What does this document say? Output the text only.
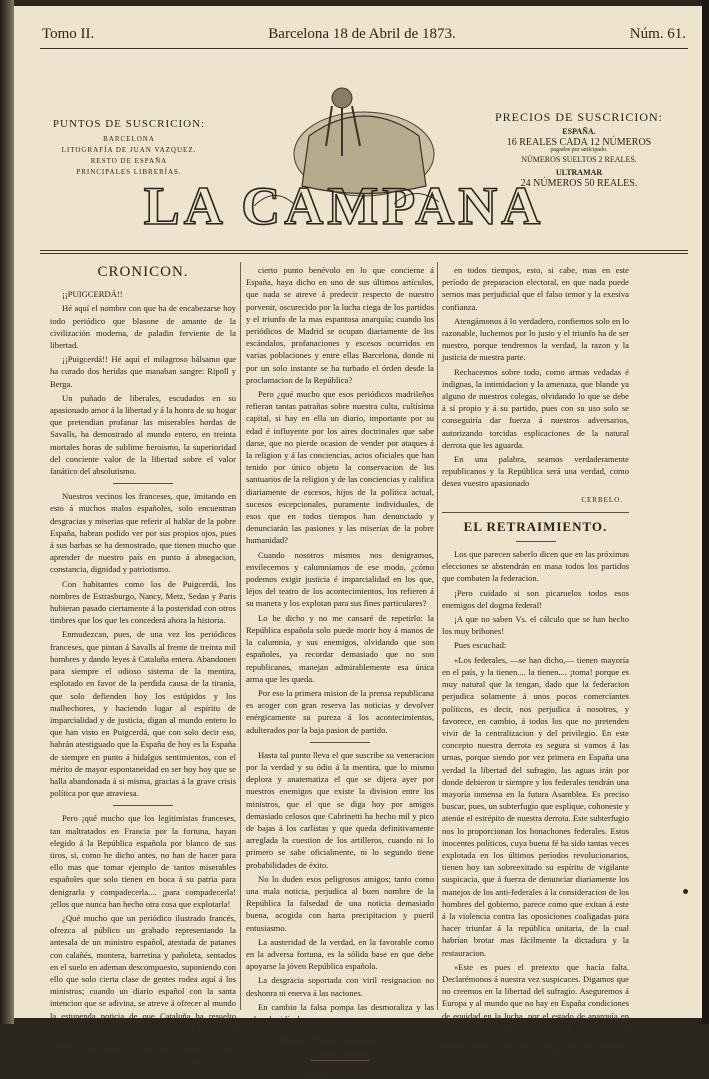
Tomo II.	Barcelona 18 de Abril de 1873.	Núm. 61.
PUNTOS DE SUSCRICION:
BARCELONA
LITOGRAFÍA DE JUAN VAZQUEZ.
RESTO DE ESPAÑA
PRINCIPALES LIBRERÍAS.
LA CAMPANA
PRECIOS DE SUSCRICION:
ESPAÑA.
16 REALES CADA 12 NÚMEROS
pagados por anticipado.
NÚMEROS SUELTOS 2 REALES.
ULTRAMAR
24 NÚMEROS 50 REALES.
CRONICON.

¡¡PUIGCERDÁ!!

Hé aquí el nombre con que ha de encabezarse hoy todo periódico que blasone de amante de la civilización moderna, de paladin ferviente de la libertad.

¡¡Puigcerdá!! Hé aquí el milagroso bálsamo que ha curado dos heridas que manaban sangre: Ripoll y Berga.

Un puñado de liberales, escudados en su apasionado amor á la libertad y á la honra de su hogar que pretendian profanar las miserables hordas de Savalls, ha demostrado al mundo entero, en treinta mortales horas de sublime heroismo, la superioridad del conciente valor de la libertad sobre el valor fanático del absolutismo.

Nuestros vecinos los franceses, que, imitando en esto á muchos malos españoles, solo encuentran desgracias y miserias que referir al hablar de la pobre España, habran podido ver por sus propios ojos, pues á sus barbas se ha demostrado, que tienen mucho que aprender de nuestro país en punto á abnegacion, constancia, dignidad y patriotismo.

Con habitantes como los de Puigcerdá, los nombres de Estrasburgo, Nancy, Metz, Sedan y Paris hubieran pasado ciertamente á la posteridad con otros timbres que los que les concederá ahora la historia.

Enmudezcan, pues, de una vez los periódicos franceses, que pintan á Savalls al frente de treinta mil hombres y dando leyes á Cataluña entera. Abandonen para siempre el odioso sistema de la mentira, esplotado en favor de la perdida causa de la tiranía, que solo defienden hoy los estúpidos y los malhechores, y haciendo lugar al espíritu de imparcialidad y de justicia, digan al mundo entero lo que han visto en Puigcerdá, que con solo decir eso, habrán atestiguado que la España de hoy es la España de siempre en punto á hidalgos sentimientos, con el mérito de mayor espontaneidad en ser hoy hoy que se halla abandonada á si misma, gracias á la grave crisis política por que atraviesa.

Pero ¡qué mucho que los legitimistas franceses, tan maltratados en Francia por la fortuna, hayan elegido á la República española por blanco de sus tiros, si, como he dicho antes, no han de hacer para ello mas que tomar ejemplo de tantos miserables españoles que solo tienen en boca á su patria para denigrarla y compadecerla.... ¡para compadecerla! ¡ellos que nunca han hecho otra cosa que explotarla!

¿Qué mucho que un periódico ilustrado francés, ofrezca al público un grabado representando la antesala de un ministro español, atestada de patanes con calañés, montera, barretina y pañoleta, sentados en el suelo en ademan descompuesto, suponiendo con ello que solo cierta clase de gentes rodea aquí á los ministros; cuando un diario español con la santa intencion que se adivina, se atreve á ofrecer al mundo la estupenda noticia de que Cataluña ha resuelto separarse de España, para anexionarse á la nacion vecina?

¿Qué mucho que el Times, periódico inglés hasta

cierto punto benévolo en lo que concierne á España, haya dicho en uno de sus últimos artículos, que nada se atreve á predecir respecto de nuestro porvenir, oscurecido por la lucha ciega de los partidos y el triunfo de la mas espantosa anarquía; cuando los periódicos de Madrid se ocupan diariamente de los escándalos, profanaciones y escesos ocurridos en varias poblaciones y entre ellas Barcelona, donde ni por un solo instante se ha turbado el órden desde la proclamacion de la República?

Pero ¿qué mucho que esos periódicos madrileños refieran tantas patrañas sobre nuestra culta, cultísima capital, si hay en ella un diario, importante por su edad é influyente por los aires doctrinales que sabe darse, que no pierde ocasion de vender por ataques á la religion y á las conciencias, actos oficiales que han tenido por único objeto la conservacion de los santuarios de la religion y de las conciencias y califica diariamente de escesos, hijos de la política actual, sucesos escepcionales, puramente individuales, de esos que en todos tiempos han denunciado y denunciarán las pasiones y las miserias de la pobre humanidad?

Cuando nosotros mismos nos denigramos, envilecemos y calumniamos de ese modo, ¿cómo podemos exigir justicia é imparcialidad en los que, léjos del teatro de los acontecimientos, los refieren á su manera y los explotan para sus fines particulares?

Lo he dicho y no me cansaré de repetirlo: la República española solo puede morir hoy á manos de la calumnia, y sus enemigos, olvidando que son españoles, ya recordar demasiado que no son republicanos, manejan admirablemente esa única arma que les queda.

Por eso la primera mision de la prensa republicana es acoger con gran reserva las noticias y devolver enérgicamente su pureza á los acontecimientos, adulterados por la baja pasion de partido.

Hasta tal punto lleva el que suscribe su veneracion por la verdad y su ódio á la mentira, que lo mismo deplora y anatematiza el que se dijera ayer por nuestros enemigos que existe la division entre los ministros, que el que se diga hoy por amigos demasiado celosos que Cabrinetti ha hecho mil y pico de bajas á los carlistas y que queda definitivamente arreglada la cuestion de los artilleros, cuando ni lo primero se sabe oficialmente, ni lo segundo tiene probabilidades de éxito.

No lo duden esos peligrosos amigos; tanto como una mala noticia, perjudica al buen nombre de la República la falsedad de una noticia demasiado buena, acogida con harta precipitacion y pueril entusiasmo.

La austeridad de la verdad, en la favorable como en la adversa fortuna, es la sólida base en que debe apoyarse la jóven República española.

La desgracia soportada con viril resignacion no deshonra ni enerva á las naciones.

En cambio la falsa pompa las desmoraliza y las cubre de ridículo.

Téngalo presente los republicanos.

No lo olviden los demás españoles.

Y esa política de la verdad tan útil, tan necesaria

en todos tiempos, esto, si cabe, mas en este período de preparacion electoral, en que nada puede sernos mas perjudicial que el falso temor y la exesiva confianza.

Atengámonos á lo verdadero, confiemos solo en lo razonable, luchemos por lo justo y el triunfo ha de ser nuestro, porque tendremos la verdad, la razon y la justicia de nuestra parte.

Rechacemos sobre todo, como armas vedadas é indignas, la intimidacion y la amenaza, que blande ya alguno de nuestros colegas, olvidando lo que se debe á sí propio y á su partido, pues con su uso solo se conseguiría dar fuerza á nuestros adversarios, autorizando torcidas esplicaciones de la natural derrota que les aguarda.

En una palabra, seamos verdaderamente republicanos y la República será una verdad, como desea vuestro apasionado

CERBELO.
EL RETRAIMIENTO.

Los que parecen saberlo dicen que en las próximas elecciones se abstendrán en masa todos los partidos que combaten la federacion.

¡Pero cuidado si son picaruelos todos esos enemigos del dogma federal!

¡A que no saben Vs. el cálculo que se han hecho los muy bribones!

Pues escuchad:

«Los federales, —se han dicho,— tienen mayoría en el país, y la tienen.... la tienen.... ¡toma! porque es muy natural que la tengan, dado que la federacion perjudica solamente á unos pocos comerciantes políticos, es decir, nos perjudica á nosotros, y favorece, en cambio, á todos los que no pretenden vivir de la centralizacion y del privilegio. En este concepto nuestra derrota es segura si vamos á las urnas, porque siendo por vez primera en España una verdad la libertad del sufragio, las aguas irán por donde debieron ir siempre y los federales tendrán una mayoría inmensa en la futura Asamblea. Es preciso buscar, pues, un subterfugio que esplique, cohoneste y atenúe el estrépito de nuestra derrota. Este subterfugio nos lo proporcionan los bonachones federales. Estos inocentes políticos, cuya buena fé ha sido tantas veces explotada en los últimos períodos revolucionarios, tienen hoy tan sobreexitado su espíritu de vigilante suspicacia, que á fuerza de denunciar diariamente los manejos de los anti-federales á la consideracion de los hombres del gobierno, parece como que exitan á este á la violencia contra las oposiciones coaligadas para hacer triunfar á la república unitaria, de la cual habrían brotar mas fácilmente la dictadura y la restauracion.

«Este es pues el pretexto que hacía falta. Declarémonos á nuestra vez suspicaces. Digamos que no creemos en la libertad del sufragio. Aseguremos á Europa y al mundo que no hay en España condiciones de equidad en la lucha, por el estado de anarquía en que vivimos, y por la intransigencia de los federales, dueños de todas las ruedas de la máquina electoral. Hagamos el vacío al rededor del gobierno,
